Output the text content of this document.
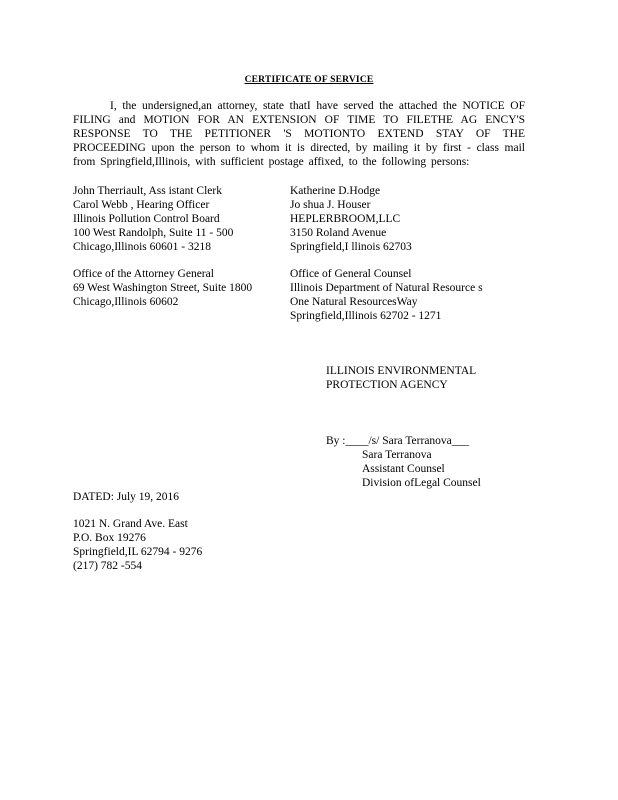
CERTIFICATE OF SERVICE

I, the undersigned,an attorney, state thatI have served the attached the NOTICE OF FILING and MOTION FOR AN EXTENSION OF TIME TO FILETHE AG ENCY'S RESPONSE TO THE PETITIONER 'S MOTIONTO EXTEND STAY OF THE PROCEEDING upon the person to whom it is directed, by mailing it by first - class mail from Springfield,Illinois, with sufficient postage affixed, to the following persons:

John Therriault, Ass istant Clerk
Carol Webb , Hearing Officer
Illinois Pollution Control Board
100 West Randolph, Suite 11 - 500
Chicago,Illinois 60601 - 3218
Katherine D.Hodge
Jo shua J. Houser
HEPLERBROOM,LLC
3150 Roland Avenue
Springfield,I llinois 62703
Office of the Attorney General
69 West Washington Street, Suite 1800
Chicago,Illinois 60602
Office of General Counsel
Illinois Department of Natural Resource s
One Natural ResourcesWay
Springfield,Illinois 62702 - 1271
ILLINOIS ENVIRONMENTAL
PROTECTION AGENCY
By :____/s/ Sara Terranova___
Sara Terranova
Assistant Counsel
Division ofLegal Counsel
DATED: July 19, 2016
1021 N. Grand Ave. East
P.O. Box 19276
Springfield,IL 62794 - 9276
(217) 782 -554
